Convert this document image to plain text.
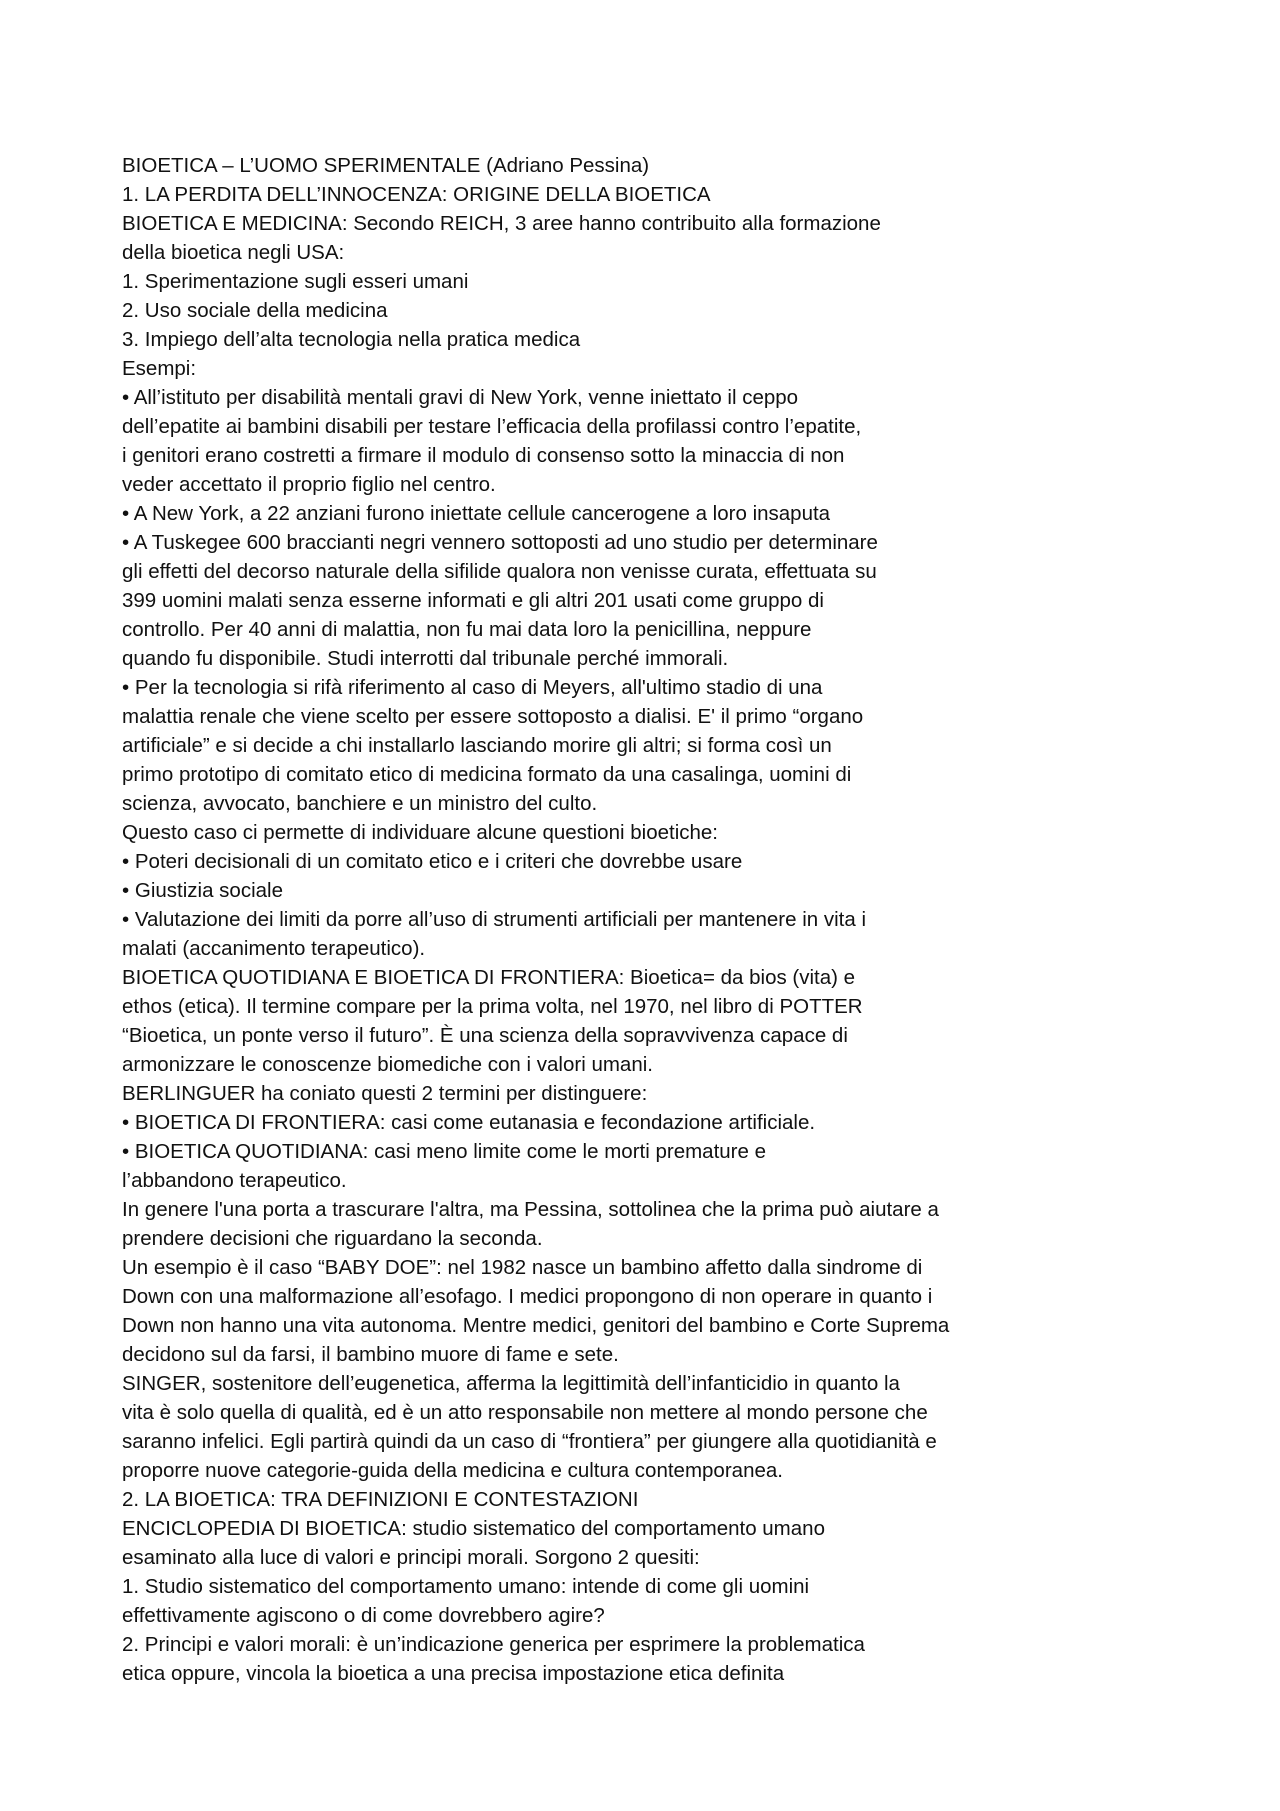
BIOETICA – L’UOMO SPERIMENTALE (Adriano Pessina)
1. LA PERDITA DELL’INNOCENZA: ORIGINE DELLA BIOETICA
BIOETICA E MEDICINA: Secondo REICH, 3 aree hanno contribuito alla formazione
della bioetica negli USA:
1. Sperimentazione sugli esseri umani
2. Uso sociale della medicina
3. Impiego dell’alta tecnologia nella pratica medica
Esempi:
• All’istituto per disabilità mentali gravi di New York, venne iniettato il ceppo
dell’epatite ai bambini disabili per testare l’efficacia della profilassi contro l’epatite,
i genitori erano costretti a firmare il modulo di consenso sotto la minaccia di non
veder accettato il proprio figlio nel centro.
• A New York, a 22 anziani furono iniettate cellule cancerogene a loro insaputa
• A Tuskegee 600 braccianti negri vennero sottoposti ad uno studio per determinare
gli effetti del decorso naturale della sifilide qualora non venisse curata, effettuata su
399 uomini malati senza esserne informati e gli altri 201 usati come gruppo di
controllo. Per 40 anni di malattia, non fu mai data loro la penicillina, neppure
quando fu disponibile. Studi interrotti dal tribunale perché immorali.
• Per la tecnologia si rifà riferimento al caso di Meyers, all'ultimo stadio di una
malattia renale che viene scelto per essere sottoposto a dialisi. E' il primo “organo
artificiale” e si decide a chi installarlo lasciando morire gli altri; si forma così un
primo prototipo di comitato etico di medicina formato da una casalinga, uomini di
scienza, avvocato, banchiere e un ministro del culto.
Questo caso ci permette di individuare alcune questioni bioetiche:
• Poteri decisionali di un comitato etico e i criteri che dovrebbe usare
• Giustizia sociale
• Valutazione dei limiti da porre all’uso di strumenti artificiali per mantenere in vita i
malati (accanimento terapeutico).
BIOETICA QUOTIDIANA E BIOETICA DI FRONTIERA: Bioetica= da bios (vita) e
ethos (etica). Il termine compare per la prima volta, nel 1970, nel libro di POTTER
“Bioetica, un ponte verso il futuro”. È una scienza della sopravvivenza capace di
armonizzare le conoscenze biomediche con i valori umani.
BERLINGUER ha coniato questi 2 termini per distinguere:
• BIOETICA DI FRONTIERA: casi come eutanasia e fecondazione artificiale.
• BIOETICA QUOTIDIANA: casi meno limite come le morti premature e
l’abbandono terapeutico.
In genere l'una porta a trascurare l'altra, ma Pessina, sottolinea che la prima può aiutare a
prendere decisioni che riguardano la seconda.
Un esempio è il caso “BABY DOE”: nel 1982 nasce un bambino affetto dalla sindrome di
Down con una malformazione all’esofago. I medici propongono di non operare in quanto i
Down non hanno una vita autonoma. Mentre medici, genitori del bambino e Corte Suprema
decidono sul da farsi, il bambino muore di fame e sete.
SINGER, sostenitore dell’eugenetica, afferma la legittimità dell’infanticidio in quanto la
vita è solo quella di qualità, ed è un atto responsabile non mettere al mondo persone che
saranno infelici. Egli partirà quindi da un caso di “frontiera” per giungere alla quotidianità e
proporre nuove categorie-guida della medicina e cultura contemporanea.
2. LA BIOETICA: TRA DEFINIZIONI E CONTESTAZIONI
ENCICLOPEDIA DI BIOETICA: studio sistematico del comportamento umano
esaminato alla luce di valori e principi morali. Sorgono 2 quesiti:
1. Studio sistematico del comportamento umano: intende di come gli uomini
effettivamente agiscono o di come dovrebbero agire?
2. Principi e valori morali: è un’indicazione generica per esprimere la problematica
etica oppure, vincola la bioetica a una precisa impostazione etica definita
